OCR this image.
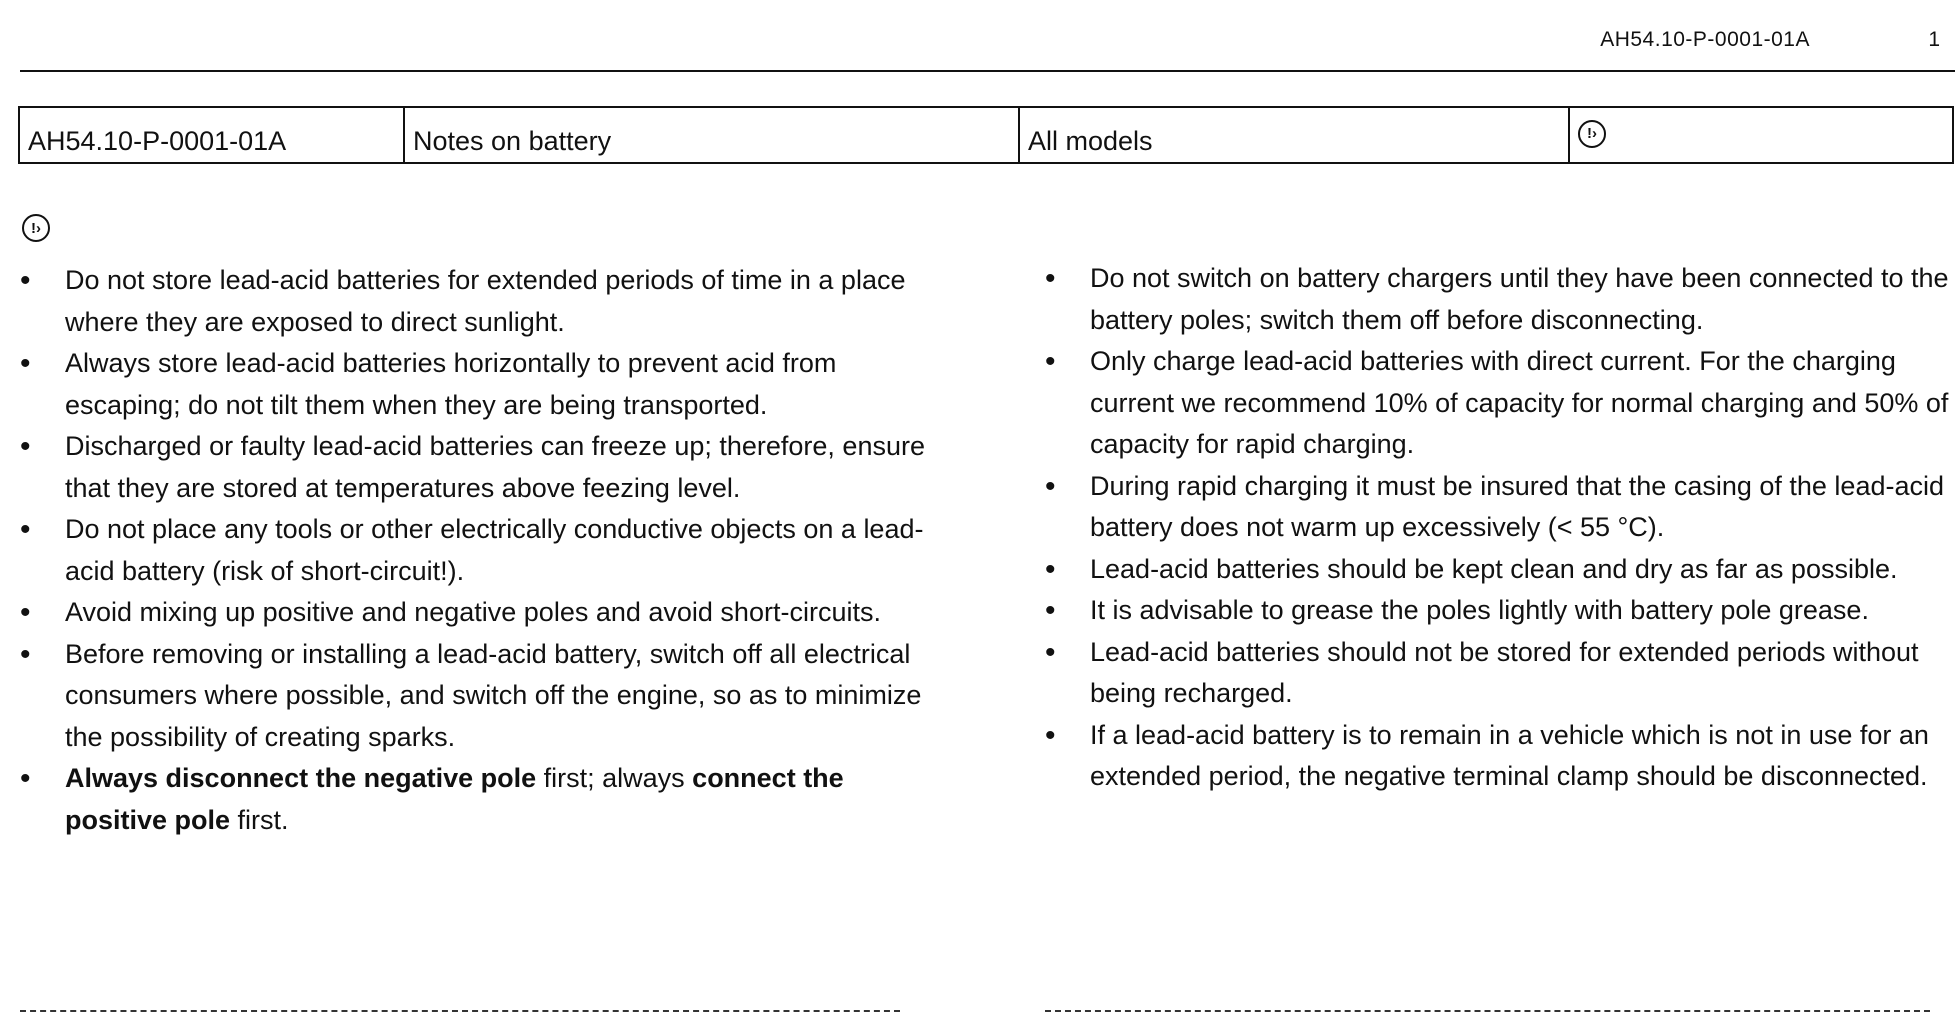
AH54.10-P-0001-01A	1
AH54.10-P-0001-01A	Notes on battery	All models	!›
!›
• Do not store lead-acid batteries for extended periods of time in a place where they are exposed to direct sunlight.
• Always store lead-acid batteries horizontally to prevent acid from escaping; do not tilt them when they are being transported.
• Discharged or faulty lead-acid batteries can freeze up; therefore, ensure that they are stored at temperatures above feezing level.
• Do not place any tools or other electrically conductive objects on a lead-acid battery (risk of short-circuit!).
• Avoid mixing up positive and negative poles and avoid short-circuits.
• Before removing or installing a lead-acid battery, switch off all electrical consumers where possible, and switch off the engine, so as to minimize the possibility of creating sparks.
• Always disconnect the negative pole first; always connect the positive pole first.
• Do not switch on battery chargers until they have been connected to the battery poles; switch them off before disconnecting.
• Only charge lead-acid batteries with direct current. For the charging current we recommend 10% of capacity for normal charging and 50% of capacity for rapid charging.
• During rapid charging it must be insured that the casing of the lead-acid battery does not warm up excessively (< 55 °C).
• Lead-acid batteries should be kept clean and dry as far as possible.
• It is advisable to grease the poles lightly with battery pole grease.
• Lead-acid batteries should not be stored for extended periods without being recharged.
• If a lead-acid battery is to remain in a vehicle which is not in use for an extended period, the negative terminal clamp should be disconnected.
